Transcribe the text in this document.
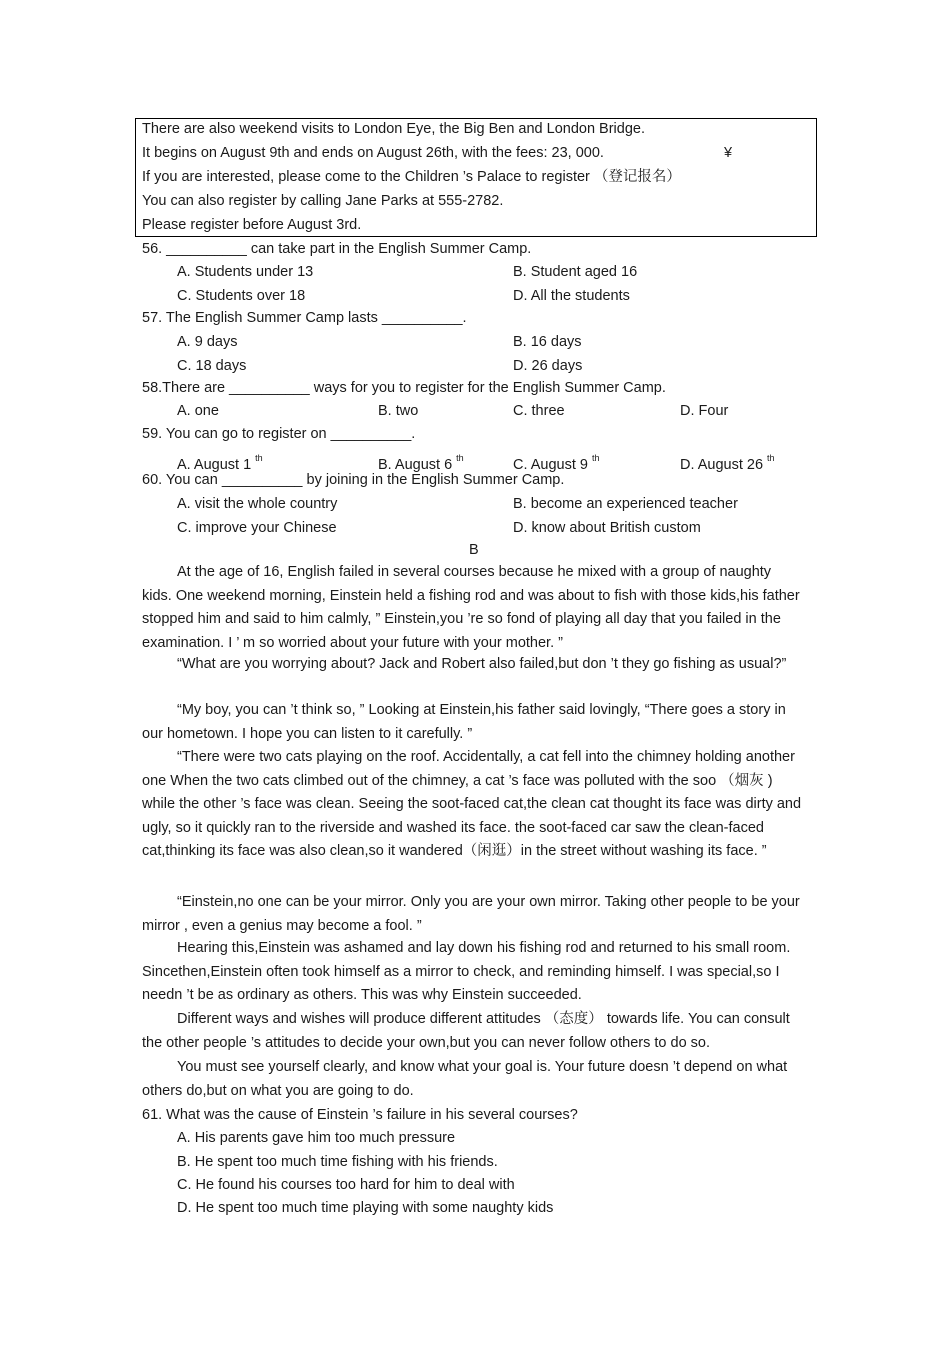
There are also weekend visits to London Eye, the Big Ben and London Bridge.
It begins on August 9th and ends on August 26th, with the fees: 23, 000.	¥
If you are interested, please come to the Children ’s Palace to register （登记报名）
You can also register by calling Jane Parks at 555-2782.
Please register before August 3rd.
56. __________ can take part in the English Summer Camp.
A. Students under 13	B. Student aged 16
C. Students over 18	D. All the students
57. The English Summer Camp lasts __________.
A. 9 days	B. 16 days
C. 18 days	D. 26 days
58.There are __________ ways for you to register for the English Summer Camp.
A. one	B. two	C. three	D. Four
59. You can go to register on __________.
A. August 1 $^{th}$	B. August 6 $^{th}$	C. August 9 $^{th}$	D. August 26 $^{th}$
60. You can __________ by joining in the English Summer Camp.
A. visit the whole country	B. become an experienced teacher
C. improve your Chinese	D. know about British custom
B
At the age of 16, English failed in several courses because he mixed with a group of naughty kids. One weekend morning, Einstein held a fishing rod and was about to fish with those kids,his father stopped him and said to him calmly, ” Einstein,you ’re so fond of playing all day that you failed in the examination. I ’ m so worried about your future with your mother. ”
“What are you worrying about? Jack and Robert also failed,but don ’t they go fishing as usual?”
“My boy, you can ’t think so, ” Looking at Einstein,his father said lovingly, “There goes a story in our hometown. I hope you can listen to it carefully. ”
“There were two cats playing on the roof. Accidentally, a cat fell into the chimney holding another one When the two cats climbed out of the chimney, a cat ’s face was polluted with the soo （烟灰 ) while the other ’s face was clean. Seeing the soot-faced cat,the clean cat thought its face was dirty and ugly, so it quickly ran to the riverside and washed its face. the soot-faced car saw the clean-faced cat,thinking its face was also clean,so it wandered（闲逛）in the street without washing its face. ”
“Einstein,no one can be your mirror. Only you are your own mirror. Taking other people to be your mirror , even a genius may become a fool. ”
Hearing this,Einstein was ashamed and lay down his fishing rod and returned to his small room. Sincethen,Einstein often took himself as a mirror to check, and reminding himself. I was special,so I needn ’t be as ordinary as others. This was why Einstein succeeded.
Different ways and wishes will produce different attitudes （态度） towards life. You can consult the other people ’s attitudes to decide your own,but you can never follow others to do so.
You must see yourself clearly, and know what your goal is. Your future doesn ’t depend on what others do,but on what you are going to do.
61. What was the cause of Einstein ’s failure in his several courses?
A. His parents gave him too much pressure
B. He spent too much time fishing with his friends.
C. He found his courses too hard for him to deal with
D. He spent too much time playing with some naughty kids
